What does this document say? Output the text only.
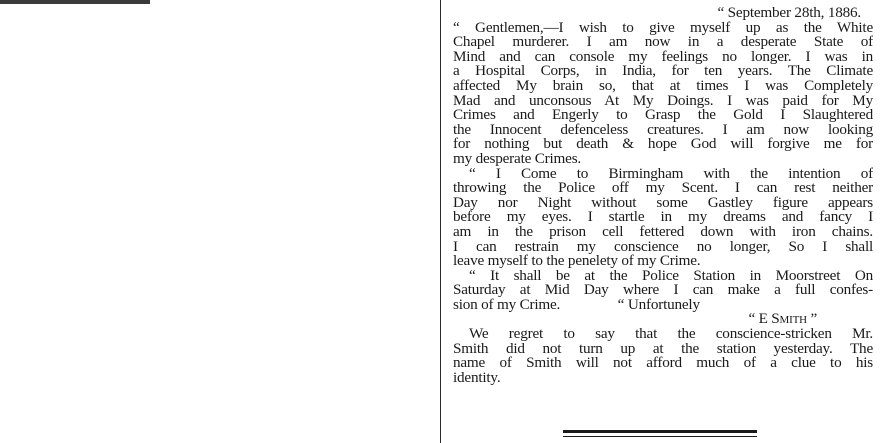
“ September 28th, 1886.
“ Gentlemen,—I wish to give myself up as the White
Chapel murderer. I am now in a desperate State of
Mind and can console my feelings no longer. I was in
a Hospital Corps, in India, for ten years. The Climate
affected My brain so, that at times I was Completely
Mad and unconsous At My Doings. I was paid for My
Crimes and Engerly to Grasp the Gold I Slaughtered
the Innocent defenceless creatures. I am now looking
for nothing but death & hope God will forgive me for
my desperate Crimes.
“ I Come to Birmingham with the intention of
throwing the Police off my Scent. I can rest neither
Day nor Night without some Gastley figure appears
before my eyes. I startle in my dreams and fancy I
am in the prison cell fettered down with iron chains.
I can restrain my conscience no longer, So I shall
leave myself to the penelety of my Crime.
“ It shall be at the Police Station in Moorstreet On
Saturday at Mid Day where I can make a full confes-
sion of my Crime.                “ Unfortunely
“ E Smith ”
We regret to say that the conscience-stricken Mr.
Smith did not turn up at the station yesterday. The
name of Smith will not afford much of a clue to his
identity.
